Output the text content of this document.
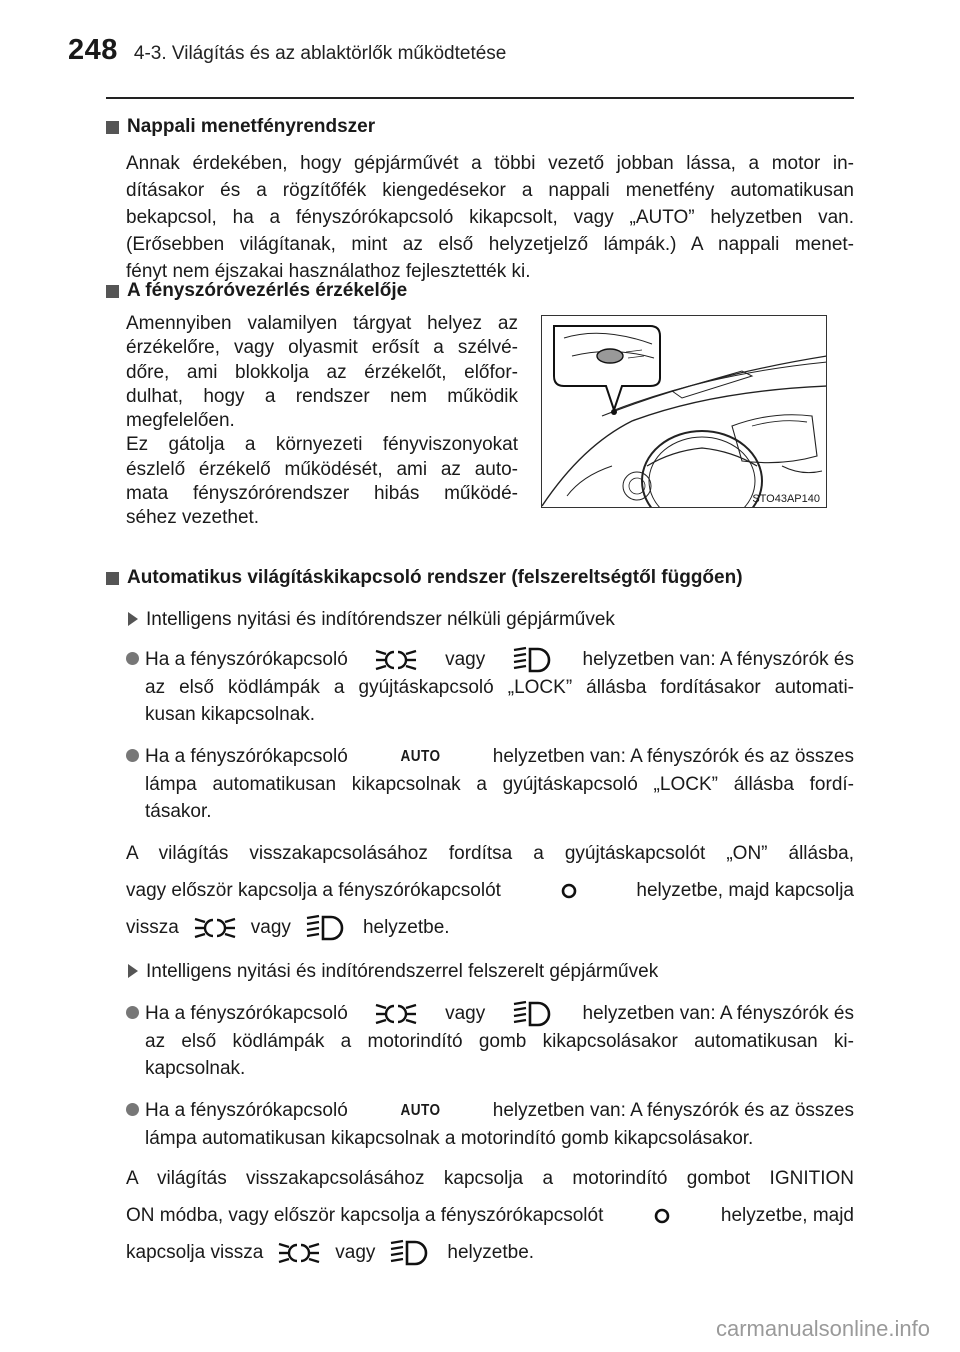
248 4-3. Világítás és az ablaktörlők működtetése
Nappali menetfényrendszer
Annak érdekében, hogy gépjárművét a többi vezető jobban lássa, a motor in-
dításakor és a rögzítőfék kiengedésekor a nappali menetfény automatikusan
bekapcsol, ha a fényszórókapcsoló kikapcsolt, vagy „AUTO” helyzetben van.
(Erősebben világítanak, mint az első helyzetjelző lámpák.) A nappali menet-
fényt nem éjszakai használathoz fejlesztették ki.
A fényszóróvezérlés érzékelője
Amennyiben valamilyen tárgyat helyez az
érzékelőre, vagy olyasmit erősít a szélvé-
dőre, ami blokkolja az érzékelőt, előfor-
dulhat, hogy a rendszer nem működik
megfelelően.
Ez gátolja a környezeti fényviszonyokat
észlelő érzékelő működését, ami az auto-
mata fényszórórendszer hibás működé-
séhez vezethet.
STO43AP140
Automatikus világításkikapcsoló rendszer (felszereltségtől függően)
Intelligens nyitási és indítórendszer nélküli gépjárművek
Ha a fényszórókapcsoló	vagy	helyzetben van: A fényszórók és
az első ködlámpák a gyújtáskapcsoló „LOCK” állásba fordításakor automati-
kusan kikapcsolnak.
Ha a fényszórókapcsoló	AUTO	helyzetben van: A fényszórók és az összes
lámpa automatikusan kikapcsolnak a gyújtáskapcsoló „LOCK” állásba fordí-
tásakor.
A világítás visszakapcsolásához fordítsa a gyújtáskapcsolót „ON” állásba,
vagy először kapcsolja a fényszórókapcsolót	helyzetbe, majd kapcsolja
vissza	vagy	helyzetbe.
Intelligens nyitási és indítórendszerrel felszerelt gépjárművek
Ha a fényszórókapcsoló	vagy	helyzetben van: A fényszórók és
az első ködlámpák a motorindító gomb kikapcsolásakor automatikusan ki-
kapcsolnak.
Ha a fényszórókapcsoló	AUTO	helyzetben van: A fényszórók és az összes
lámpa automatikusan kikapcsolnak a motorindító gomb kikapcsolásakor.
A világítás visszakapcsolásához kapcsolja a motorindító gombot IGNITION
ON módba, vagy először kapcsolja a fényszórókapcsolót	helyzetbe, majd
kapcsolja vissza	vagy	helyzetbe.
carmanualsonline.info
